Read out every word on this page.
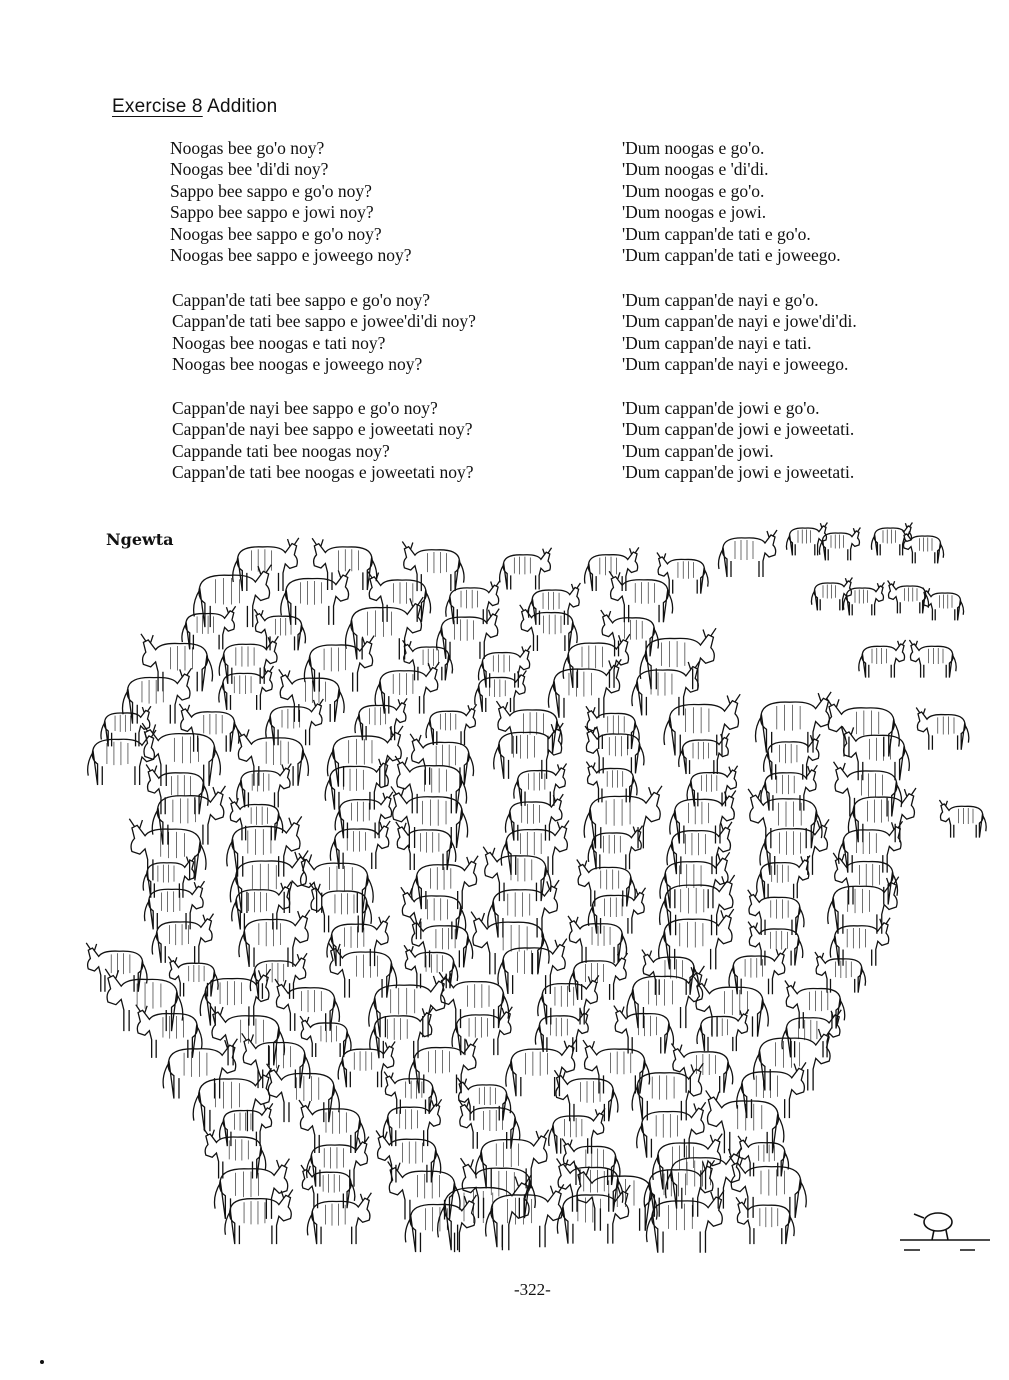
Exercise 8 Addition
Noogas bee go'o noy?
Noogas bee 'di'di noy?
Sappo bee sappo e go'o noy?
Sappo bee sappo e jowi noy?
Noogas bee sappo e go'o noy?
Noogas bee sappo e joweego noy?
'Dum noogas e go'o.
'Dum noogas e 'di'di.
'Dum noogas e go'o.
'Dum noogas e jowi.
'Dum cappan'de tati e go'o.
'Dum cappan'de tati e joweego.
Cappan'de tati bee sappo e go'o noy?
Cappan'de tati bee sappo e jowee'di'di noy?
Noogas bee noogas e tati noy?
Noogas bee noogas e joweego noy?
'Dum cappan'de nayi e go'o.
'Dum cappan'de nayi e jowe'di'di.
'Dum cappan'de nayi e tati.
'Dum cappan'de nayi e joweego.
Cappan'de nayi bee sappo e go'o noy?
Cappan'de nayi bee sappo e joweetati noy?
Cappande tati bee noogas noy?
Cappan'de tati bee noogas e joweetati noy?
'Dum cappan'de jowi e go'o.
'Dum cappan'de jowi e joweetati.
'Dum cappan'de jowi.
'Dum cappan'de jowi e joweetati.
Ngewta
-322-
